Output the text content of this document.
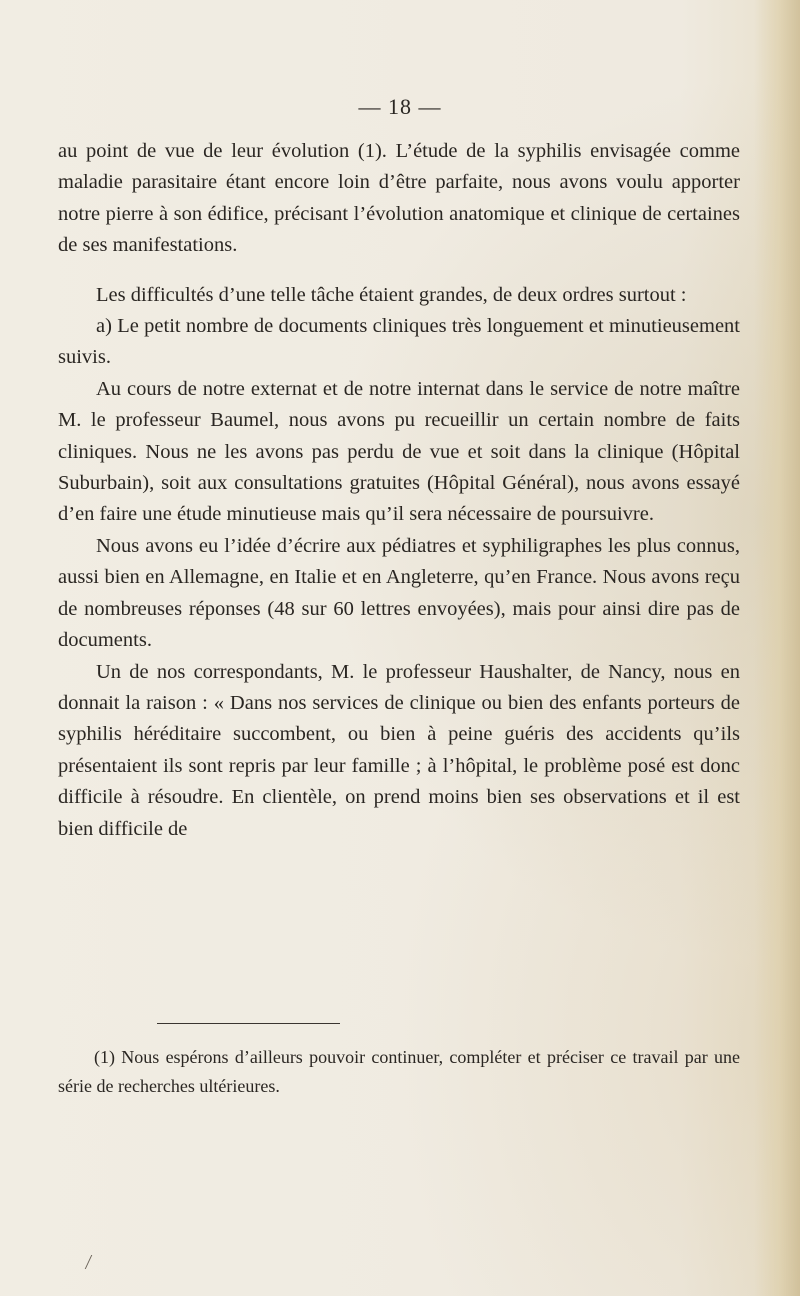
— 18 —

au point de vue de leur évolution (1). L’étude de la syphilis envisagée comme maladie parasitaire étant encore loin d’être parfaite, nous avons voulu apporter notre pierre à son édifice, précisant l’évolution anatomique et clinique de certaines de ses manifestations.

Les difficultés d’une telle tâche étaient grandes, de deux ordres surtout :

a) Le petit nombre de documents cliniques très longuement et minutieusement suivis.

Au cours de notre externat et de notre internat dans le service de notre maître M. le professeur Baumel, nous avons pu recueillir un certain nombre de faits cliniques. Nous ne les avons pas perdu de vue et soit dans la clinique (Hôpital Suburbain), soit aux consultations gratuites (Hôpital Général), nous avons essayé d’en faire une étude minutieuse mais qu’il sera nécessaire de poursuivre.

Nous avons eu l’idée d’écrire aux pédiatres et syphiligraphes les plus connus, aussi bien en Allemagne, en Italie et en Angleterre, qu’en France. Nous avons reçu de nombreuses réponses (48 sur 60 lettres envoyées), mais pour ainsi dire pas de documents.

Un de nos correspondants, M. le professeur Haushalter, de Nancy, nous en donnait la raison : « Dans nos services de clinique ou bien des enfants porteurs de syphilis héréditaire succombent, ou bien à peine guéris des accidents qu’ils présentaient ils sont repris par leur famille ; à l’hôpital, le problème posé est donc difficile à résoudre. En clientèle, on prend moins bien ses observations et il est bien difficile de

(1) Nous espérons d’ailleurs pouvoir continuer, compléter et préciser ce travail par une série de recherches ultérieures.
